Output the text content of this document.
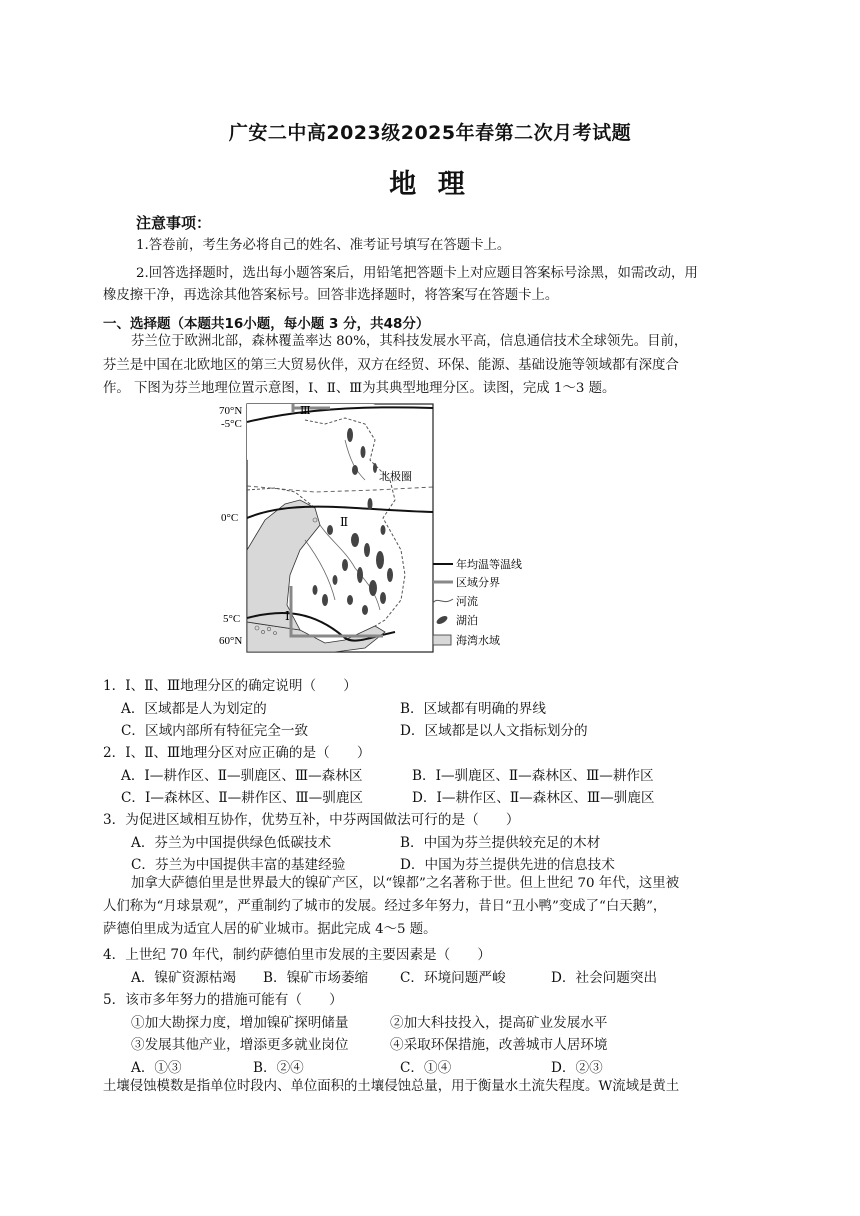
广安二中高2023级2025年春第二次月考试题
地 理
注意事项：
1.答卷前，考生务必将自己的姓名、准考证号填写在答题卡上。
2.回答选择题时，选出每小题答案后，用铅笔把答题卡上对应题目答案标号涂黑，如需改动，用
橡皮擦干净，再选涂其他答案标号。回答非选择题时，将答案写在答题卡上。
一、选择题（本题共16小题，每小题 3 分，共48分）
芬兰位于欧洲北部，森林覆盖率达 80%，其科技发展水平高，信息通信技术全球领先。目前，
芬兰是中国在北欧地区的第三大贸易伙伴，双方在经贸、环保、能源、基础设施等领域都有深度合
作。 下图为芬兰地理位置示意图，Ⅰ、Ⅱ、Ⅲ为其典型地理分区。读图，完成 1～3 题。
70°N
-5°C
0°C
5°C
60°N
北极圈
Ⅲ
Ⅱ
Ⅰ
年均温等温线
区域分界
河流
湖泊
海湾水域
1．Ⅰ、Ⅱ、Ⅲ地理分区的确定说明（　　）
A．区域都是人为划定的	B．区域都有明确的界线
C．区域内部所有特征完全一致	D．区域都是以人文指标划分的
2．Ⅰ、Ⅱ、Ⅲ地理分区对应正确的是（　　）
A．Ⅰ—耕作区、Ⅱ—驯鹿区、Ⅲ—森林区	B．Ⅰ—驯鹿区、Ⅱ—森林区、Ⅲ—耕作区
C．Ⅰ—森林区、Ⅱ—耕作区、Ⅲ—驯鹿区	D．Ⅰ—耕作区、Ⅱ—森林区、Ⅲ—驯鹿区
3．为促进区域相互协作，优势互补，中芬两国做法可行的是（　　）
A．芬兰为中国提供绿色低碳技术	B．中国为芬兰提供较充足的木材
C．芬兰为中国提供丰富的基建经验	D．中国为芬兰提供先进的信息技术
加拿大萨德伯里是世界最大的镍矿产区，以“镍都”之名著称于世。但上世纪 70 年代，这里被
人们称为“月球景观”，严重制约了城市的发展。经过多年努力，昔日“丑小鸭”变成了“白天鹅”，
萨德伯里成为适宜人居的矿业城市。据此完成 4～5 题。
4．上世纪 70 年代，制约萨德伯里市发展的主要因素是（　　）
A．镍矿资源枯竭 B．镍矿市场萎缩 C．环境问题严峻	D．社会问题突出
5．该市多年努力的措施可能有（　　）
①加大勘探力度，增加镍矿探明储量	②加大科技投入，提高矿业发展水平
③发展其他产业，增添更多就业岗位	④采取环保措施，改善城市人居环境
A．①③	B．②④	C．①④	D．②③
土壤侵蚀模数是指单位时段内、单位面积的土壤侵蚀总量，用于衡量水土流失程度。W流域是黄土
